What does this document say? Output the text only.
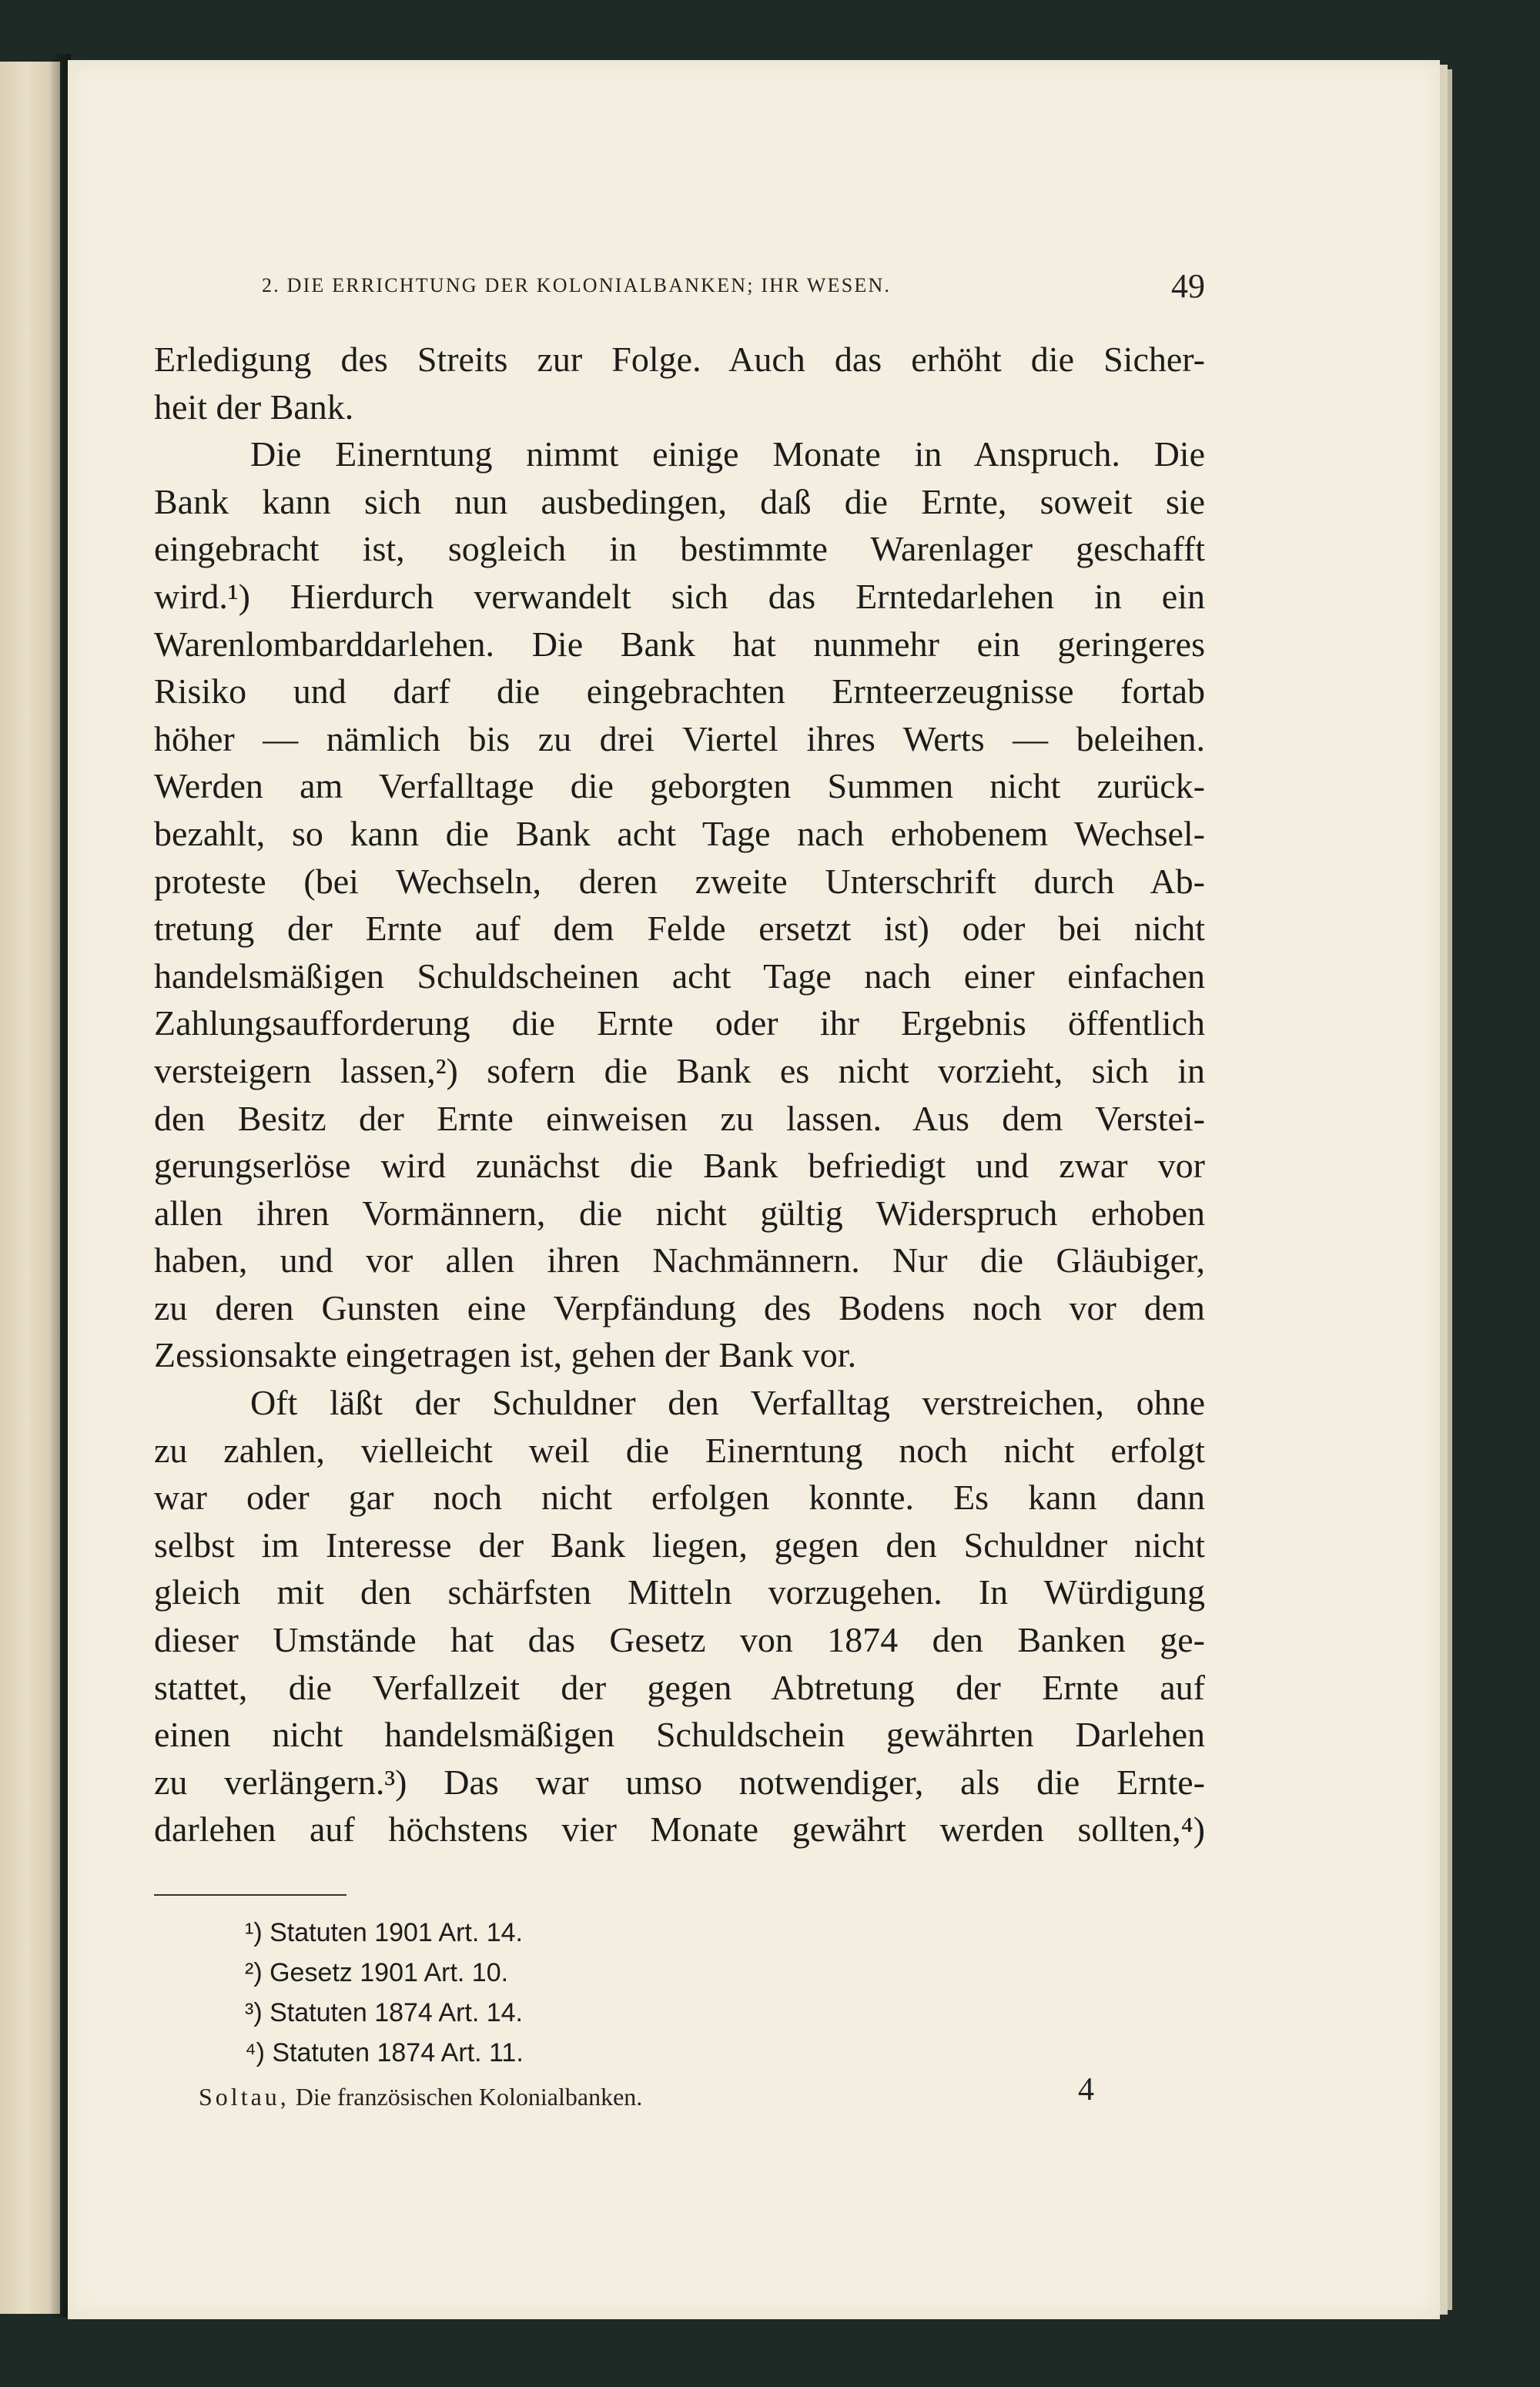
2. DIE ERRICHTUNG DER KOLONIALBANKEN; IHR WESEN.	49
Erledigung des Streits zur Folge. Auch das erhöht die Sicher-
heit der Bank.
Die Einerntung nimmt einige Monate in Anspruch. Die
Bank kann sich nun ausbedingen, daß die Ernte, soweit sie
eingebracht ist, sogleich in bestimmte Warenlager geschafft
wird.¹) Hierdurch verwandelt sich das Erntedarlehen in ein
Warenlombarddarlehen. Die Bank hat nunmehr ein geringeres
Risiko und darf die eingebrachten Ernteerzeugnisse fortab
höher — nämlich bis zu drei Viertel ihres Werts — beleihen.
Werden am Verfalltage die geborgten Summen nicht zurück-
bezahlt, so kann die Bank acht Tage nach erhobenem Wechsel-
proteste (bei Wechseln, deren zweite Unterschrift durch Ab-
tretung der Ernte auf dem Felde ersetzt ist) oder bei nicht
handelsmäßigen Schuldscheinen acht Tage nach einer einfachen
Zahlungsaufforderung die Ernte oder ihr Ergebnis öffentlich
versteigern lassen,²) sofern die Bank es nicht vorzieht, sich in
den Besitz der Ernte einweisen zu lassen. Aus dem Verstei-
gerungserlöse wird zunächst die Bank befriedigt und zwar vor
allen ihren Vormännern, die nicht gültig Widerspruch erhoben
haben, und vor allen ihren Nachmännern. Nur die Gläubiger,
zu deren Gunsten eine Verpfändung des Bodens noch vor dem
Zessionsakte eingetragen ist, gehen der Bank vor.
Oft läßt der Schuldner den Verfalltag verstreichen, ohne
zu zahlen, vielleicht weil die Einerntung noch nicht erfolgt
war oder gar noch nicht erfolgen konnte. Es kann dann
selbst im Interesse der Bank liegen, gegen den Schuldner nicht
gleich mit den schärfsten Mitteln vorzugehen. In Würdigung
dieser Umstände hat das Gesetz von 1874 den Banken ge-
stattet, die Verfallzeit der gegen Abtretung der Ernte auf
einen nicht handelsmäßigen Schuldschein gewährten Darlehen
zu verlängern.³) Das war umso notwendiger, als die Ernte-
darlehen auf höchstens vier Monate gewährt werden sollten,⁴)
¹) Statuten 1901 Art. 14.
²) Gesetz 1901 Art. 10.
³) Statuten 1874 Art. 14.
⁴) Statuten 1874 Art. 11.
Soltau, Die französischen Kolonialbanken.	4
